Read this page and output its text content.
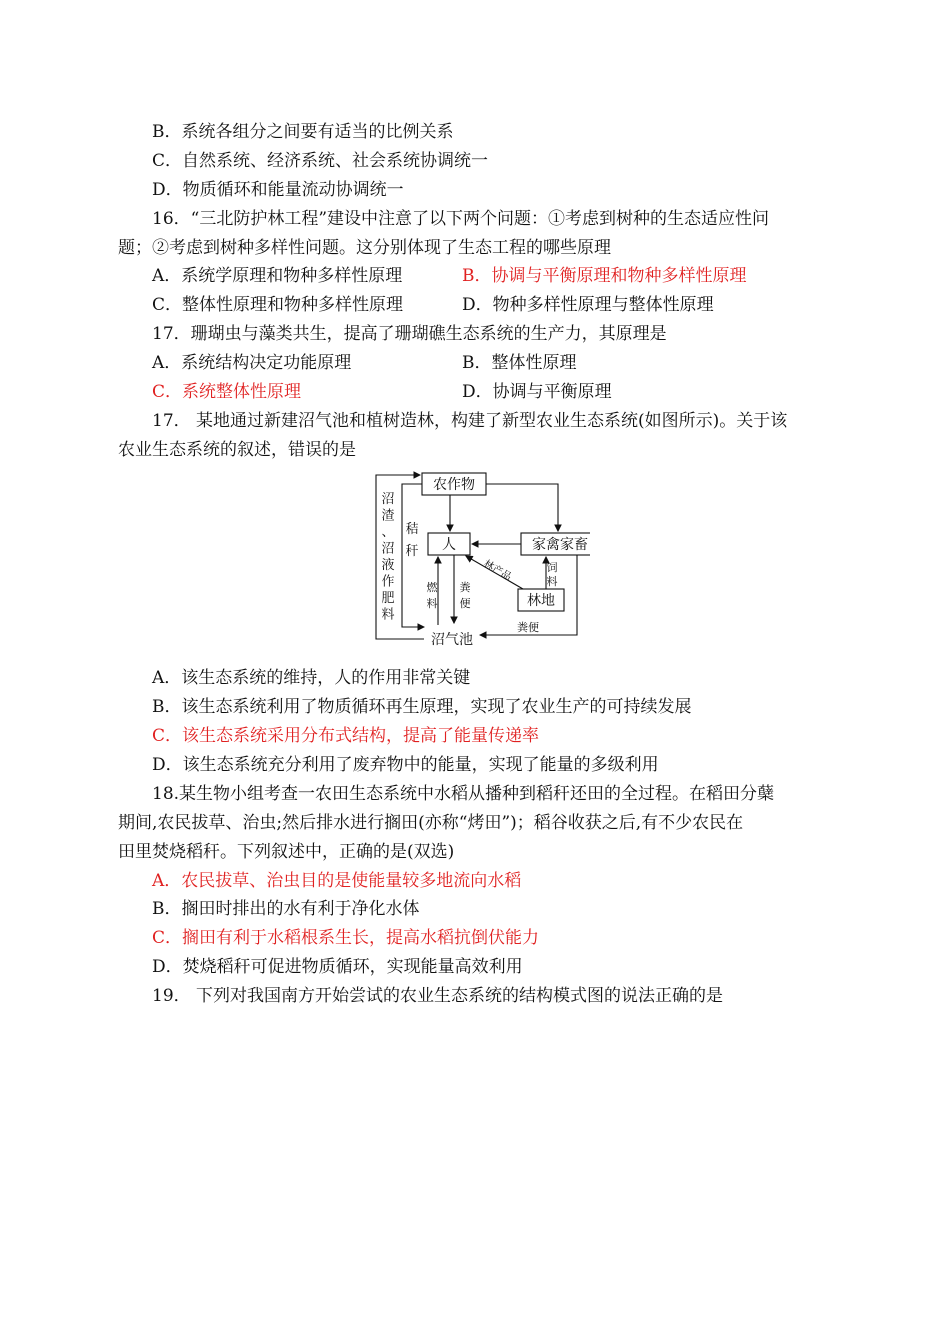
B．系统各组分之间要有适当的比例关系
C．自然系统、经济系统、社会系统协调统一
D．物质循环和能量流动协调统一
16．“三北防护林工程”建设中注意了以下两个问题：①考虑到树种的生态适应性问
题；②考虑到树种多样性问题。这分别体现了生态工程的哪些原理
A．系统学原理和物种多样性原理	B．协调与平衡原理和物种多样性原理
C．整体性原理和物种多样性原理	D．物种多样性原理与整体性原理
17．珊瑚虫与藻类共生，提高了珊瑚礁生态系统的生产力，其原理是
A．系统结构决定功能原理	B．整体性原理
C．系统整体性原理	D．协调与平衡原理
17． 某地通过新建沼气池和植树造林，构建了新型农业生态系统(如图所示)。关于该
农业生态系统的叙述，错误的是
农作物
人	家禽家畜
林地
沼气池
沼
渣
、
沼
液
作
肥
料
秸
秆
燃
料
粪
便
饲
料
林产品
粪便
A．该生态系统的维持，人的作用非常关键
B．该生态系统利用了物质循环再生原理，实现了农业生产的可持续发展
C．该生态系统采用分布式结构，提高了能量传递率
D．该生态系统充分利用了废弃物中的能量，实现了能量的多级利用
18.某生物小组考查一农田生态系统中水稻从播种到稻秆还田的全过程。在稻田分蘖
期间,农民拔草、治虫;然后排水进行搁田(亦称“烤田”)；稻谷收获之后,有不少农民在
田里焚烧稻秆。下列叙述中，正确的是(双选)
A．农民拔草、治虫目的是使能量较多地流向水稻
B．搁田时排出的水有利于净化水体
C．搁田有利于水稻根系生长，提高水稻抗倒伏能力
D．焚烧稻秆可促进物质循环，实现能量高效利用
19． 下列对我国南方开始尝试的农业生态系统的结构模式图的说法正确的是
